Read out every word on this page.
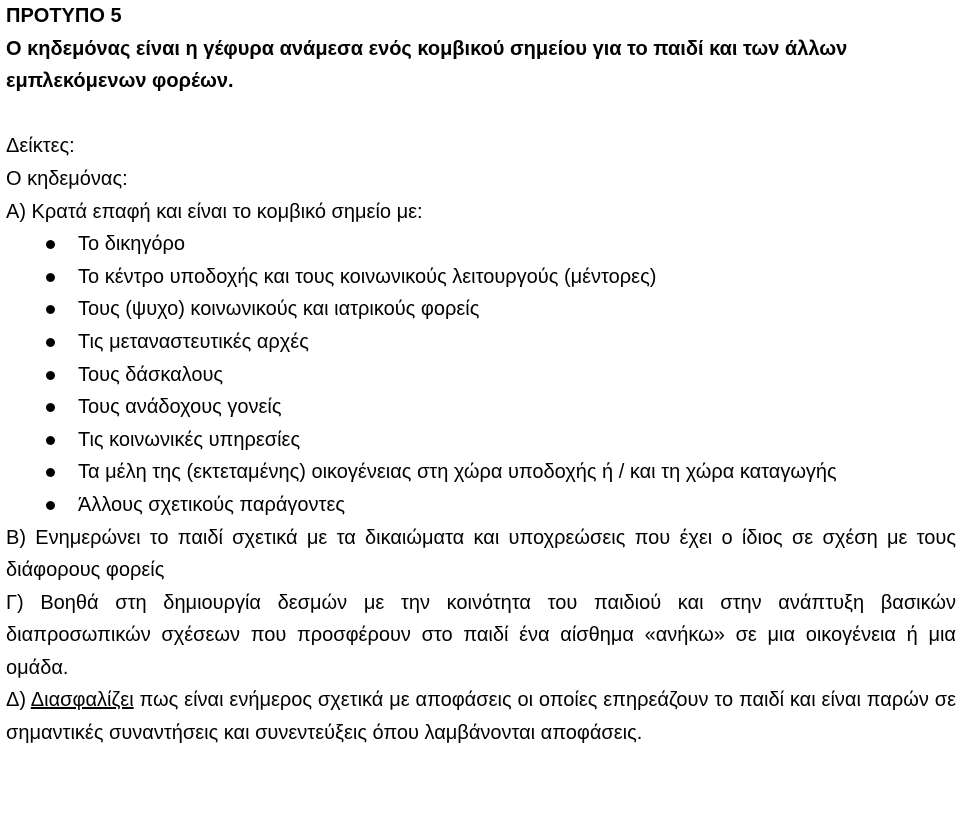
ΠΡΟΤΥΠΟ 5

Ο κηδεμόνας είναι η γέφυρα ανάμεσα ενός κομβικού σημείου για το παιδί και των άλλων εμπλεκόμενων φορέων.

Δείκτες:

Ο κηδεμόνας:

Α) Κρατά επαφή και είναι το κομβικό σημείο με:

Το δικηγόρο
Το κέντρο υποδοχής και τους κοινωνικούς λειτουργούς (μέντορες)
Τους (ψυχο) κοινωνικούς και ιατρικούς φορείς
Τις μεταναστευτικές αρχές
Τους δάσκαλους
Τους ανάδοχους γονείς
Τις κοινωνικές υπηρεσίες
Τα μέλη της (εκτεταμένης) οικογένειας στη χώρα υποδοχής ή / και τη χώρα καταγωγής
Άλλους σχετικούς παράγοντες

Β) Ενημερώνει το παιδί σχετικά με τα δικαιώματα και υποχρεώσεις που έχει ο ίδιος σε σχέση με τους διάφορους φορείς

Γ) Βοηθά στη δημιουργία δεσμών με την κοινότητα του παιδιού και στην ανάπτυξη βασικών διαπροσωπικών σχέσεων που προσφέρουν στο παιδί ένα αίσθημα «ανήκω» σε μια οικογένεια ή μια ομάδα.

Δ) Διασφαλίζει πως είναι ενήμερος σχετικά με αποφάσεις οι οποίες επηρεάζουν το παιδί και είναι παρών σε σημαντικές συναντήσεις και συνεντεύξεις όπου λαμβάνονται αποφάσεις.
